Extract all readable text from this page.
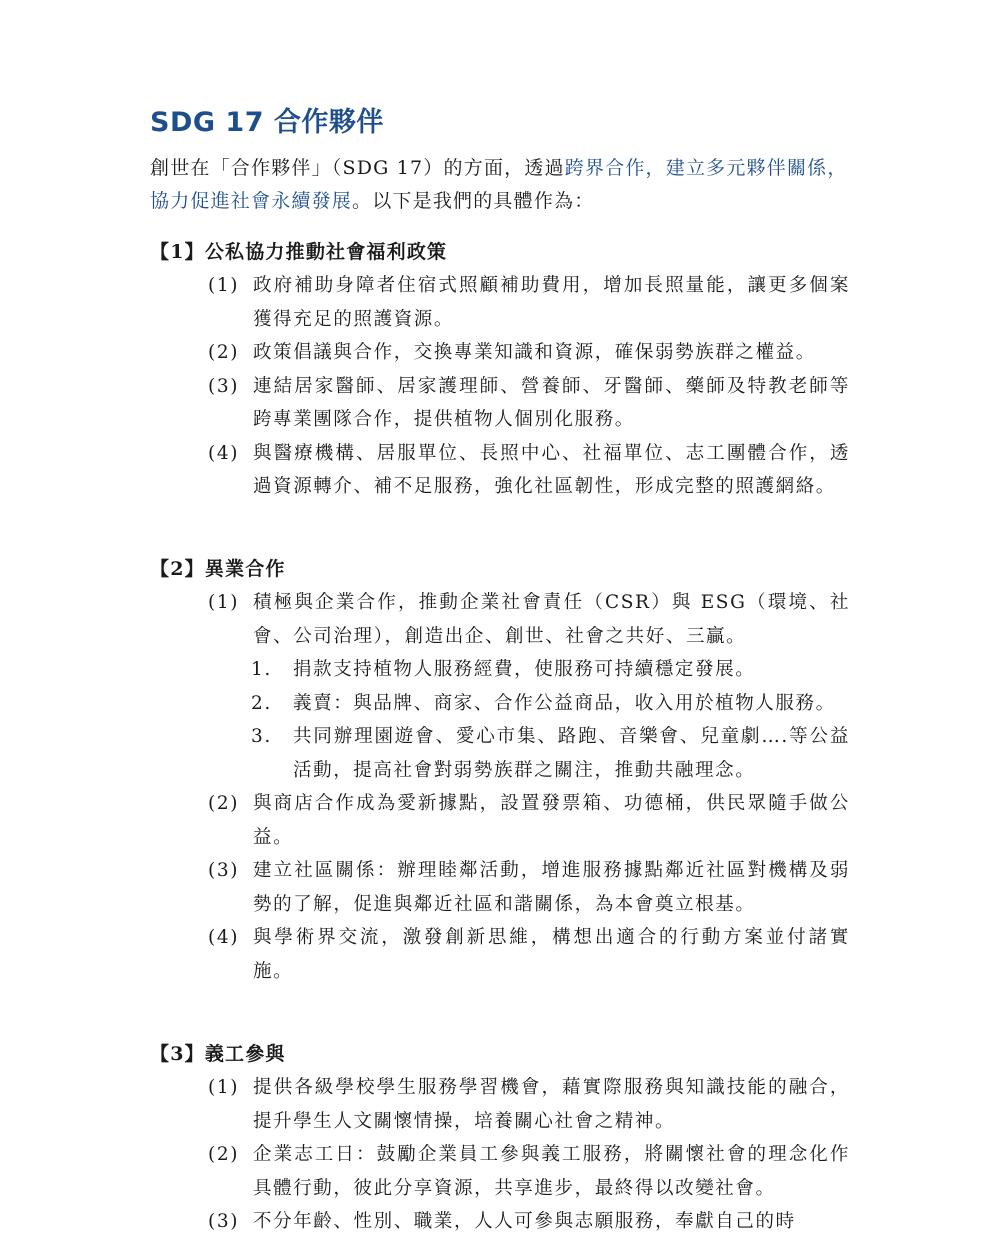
SDG 17 合作夥伴
創世在「合作夥伴」（SDG 17）的方面，透過跨界合作，建立多元夥伴關係，協力促進社會永續發展。以下是我們的具體作為：
【1】公私協力推動社會福利政策
(1) 政府補助身障者住宿式照顧補助費用，增加長照量能，讓更多個案獲得充足的照護資源。
(2) 政策倡議與合作，交換專業知識和資源，確保弱勢族群之權益。
(3) 連結居家醫師、居家護理師、營養師、牙醫師、藥師及特教老師等跨專業團隊合作，提供植物人個別化服務。
(4) 與醫療機構、居服單位、長照中心、社福單位、志工團體合作，透過資源轉介、補不足服務，強化社區韌性，形成完整的照護網絡。
【2】異業合作
(1) 積極與企業合作，推動企業社會責任（CSR）與 ESG（環境、社會、公司治理），創造出企、創世、社會之共好、三贏。
1. 捐款支持植物人服務經費，使服務可持續穩定發展。
2. 義賣：與品牌、商家、合作公益商品，收入用於植物人服務。
3. 共同辦理園遊會、愛心市集、路跑、音樂會、兒童劇….等公益活動，提高社會對弱勢族群之關注，推動共融理念。
(2) 與商店合作成為愛新據點，設置發票箱、功德桶，供民眾隨手做公益。
(3) 建立社區關係：辦理睦鄰活動，增進服務據點鄰近社區對機構及弱勢的了解，促進與鄰近社區和諧關係，為本會奠立根基。
(4) 與學術界交流，激發創新思維，構想出適合的行動方案並付諸實施。
【3】義工參與
(1) 提供各級學校學生服務學習機會，藉實際服務與知識技能的融合，提升學生人文關懷情操，培養關心社會之精神。
(2) 企業志工日：鼓勵企業員工參與義工服務，將關懷社會的理念化作具體行動，彼此分享資源，共享進步，最終得以改變社會。
(3) 不分年齡、性別、職業，人人可參與志願服務，奉獻自己的時
